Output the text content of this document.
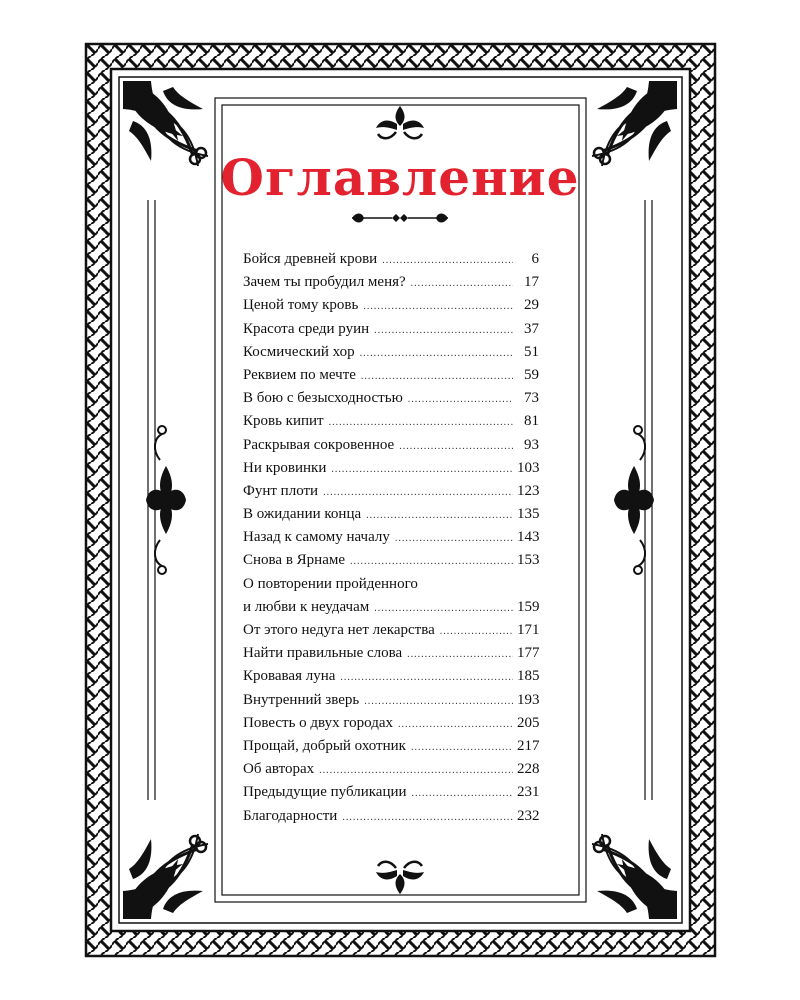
Оглавление
Бойся древней крови .....	6
Зачем ты пробудил меня? .....	17
Ценой тому кровь .....	29
Красота среди руин .....	37
Космический хор .....	51
Реквием по мечте .....	59
В бою с безысходностью .....	73
Кровь кипит .....	81
Раскрывая сокровенное .....	93
Ни кровинки .....	103
Фунт плоти .....	123
В ожидании конца .....	135
Назад к самому началу .....	143
Снова в Ярнаме .....	153
О повторении пройденного
и любви к неудачам .....	159
От этого недуга нет лекарства .....	171
Найти правильные слова .....	177
Кровавая луна .....	185
Внутренний зверь .....	193
Повесть о двух городах .....	205
Прощай, добрый охотник .....	217
Об авторах .....	228
Предыдущие публикации .....	231
Благодарности .....	232
